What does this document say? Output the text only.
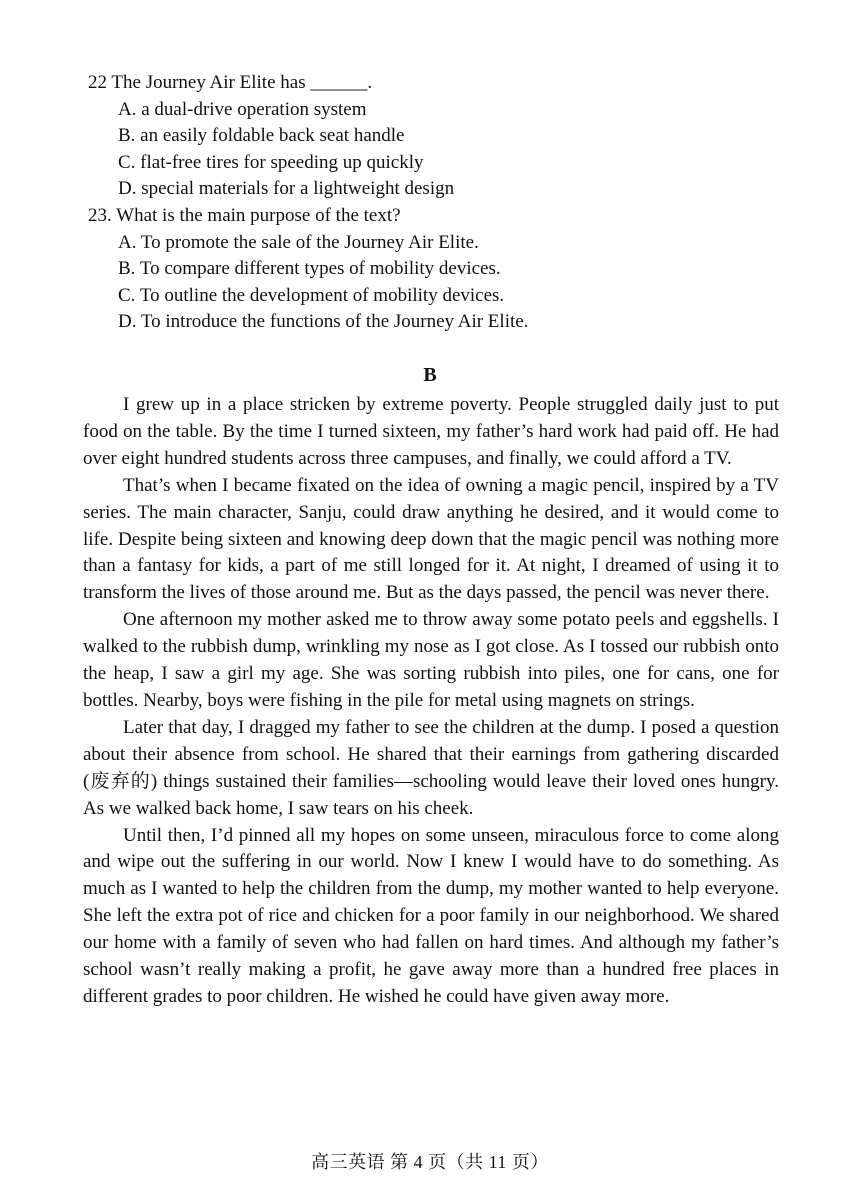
22 The Journey Air Elite has ______.
A. a dual-drive operation system
B. an easily foldable back seat handle
C. flat-free tires for speeding up quickly
D. special materials for a lightweight design
23. What is the main purpose of the text?
A. To promote the sale of the Journey Air Elite.
B. To compare different types of mobility devices.
C. To outline the development of mobility devices.
D. To introduce the functions of the Journey Air Elite.
B

I grew up in a place stricken by extreme poverty. People struggled daily just to put food on the table. By the time I turned sixteen, my father’s hard work had paid off. He had over eight hundred students across three campuses, and finally, we could afford a TV.

That’s when I became fixated on the idea of owning a magic pencil, inspired by a TV series. The main character, Sanju, could draw anything he desired, and it would come to life. Despite being sixteen and knowing deep down that the magic pencil was nothing more than a fantasy for kids, a part of me still longed for it. At night, I dreamed of using it to transform the lives of those around me. But as the days passed, the pencil was never there.

One afternoon my mother asked me to throw away some potato peels and eggshells. I walked to the rubbish dump, wrinkling my nose as I got close. As I tossed our rubbish onto the heap, I saw a girl my age. She was sorting rubbish into piles, one for cans, one for bottles. Nearby, boys were fishing in the pile for metal using magnets on strings.

Later that day, I dragged my father to see the children at the dump. I posed a question about their absence from school. He shared that their earnings from gathering discarded (废弃的) things sustained their families—schooling would leave their loved ones hungry. As we walked back home, I saw tears on his cheek.

Until then, I’d pinned all my hopes on some unseen, miraculous force to come along and wipe out the suffering in our world. Now I knew I would have to do something. As much as I wanted to help the children from the dump, my mother wanted to help everyone. She left the extra pot of rice and chicken for a poor family in our neighborhood. We shared our home with a family of seven who had fallen on hard times. And although my father’s school wasn’t really making a profit, he gave away more than a hundred free places in different grades to poor children. He wished he could have given away more.

高三英语 第 4 页（共 11 页）
